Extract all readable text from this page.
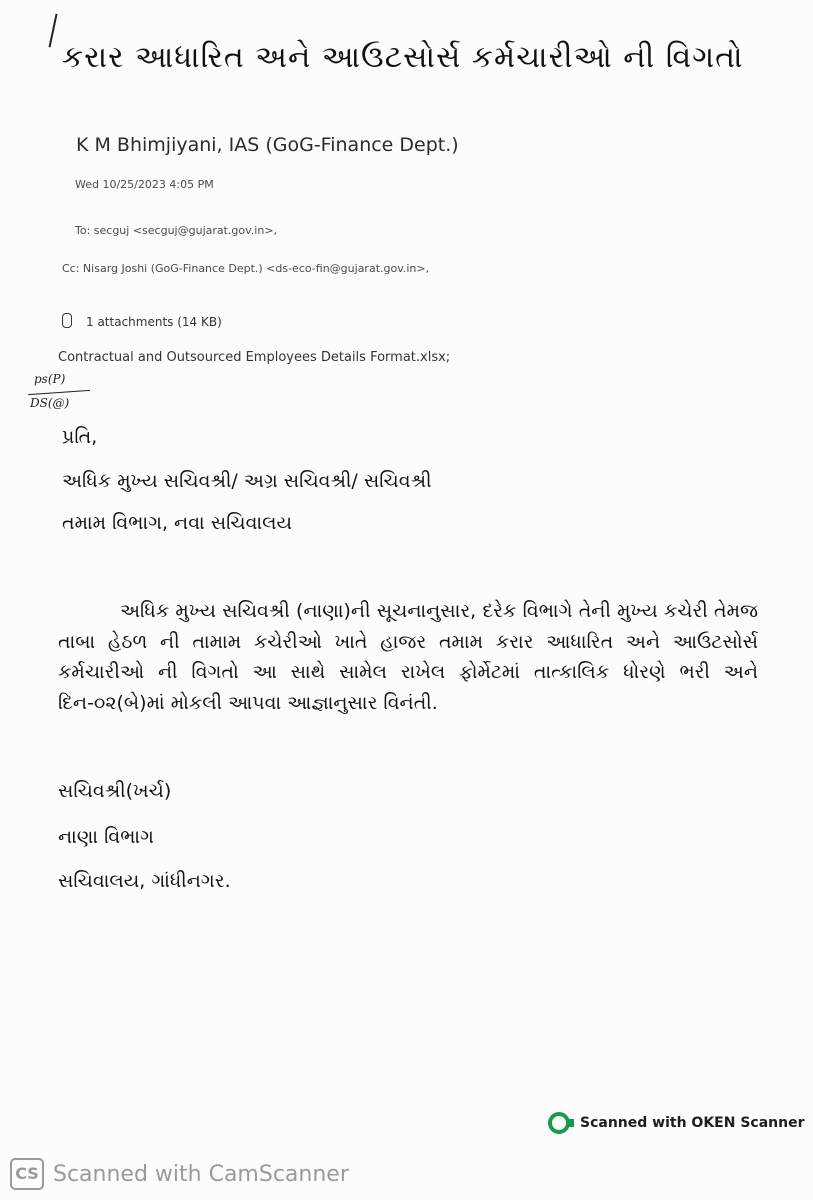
કરાર આધારિત અને આઉટસોર્સ કર્મચારીઓ ની વિગતો
K M Bhimjiyani, IAS (GoG-Finance Dept.)
Wed 10/25/2023 4:05 PM
To: secguj <secguj@gujarat.gov.in>,
Cc: Nisarg Joshi (GoG-Finance Dept.) <ds-eco-fin@gujarat.gov.in>,
1 attachments (14 KB)
Contractual and Outsourced Employees Details Format.xlsx;
ps(P)
DS(@)
પ્રતિ,
અધિક મુખ્ય સચિવશ્રી/ અગ્ર સચિવશ્રી/ સચિવશ્રી
તમામ વિભાગ, નવા સચિવાલય
અધિક મુખ્ય સચિવશ્રી (નાણા)ની સૂચનાનુસાર, દરેક વિભાગે તેની મુખ્ય કચેરી તેમજ તાબા હેઠળ ની તામામ કચેરીઓ ખાતે હાજર તમામ કરાર આધારિત અને આઉટસોર્સ કર્મચારીઓ ની વિગતો આ સાથે સામેલ રાખેલ ફોર્મેટમાં તાત્કાલિક ધોરણે ભરી અને દિન-૦૨(બે)માં મોકલી આપવા આજ્ઞાનુસાર વિનંતી.
સચિવશ્રી(ખર્ચ)
નાણા વિભાગ
સચિવાલય, ગાંધીનગર.
Scanned with OKEN Scanner
CS Scanned with CamScanner
